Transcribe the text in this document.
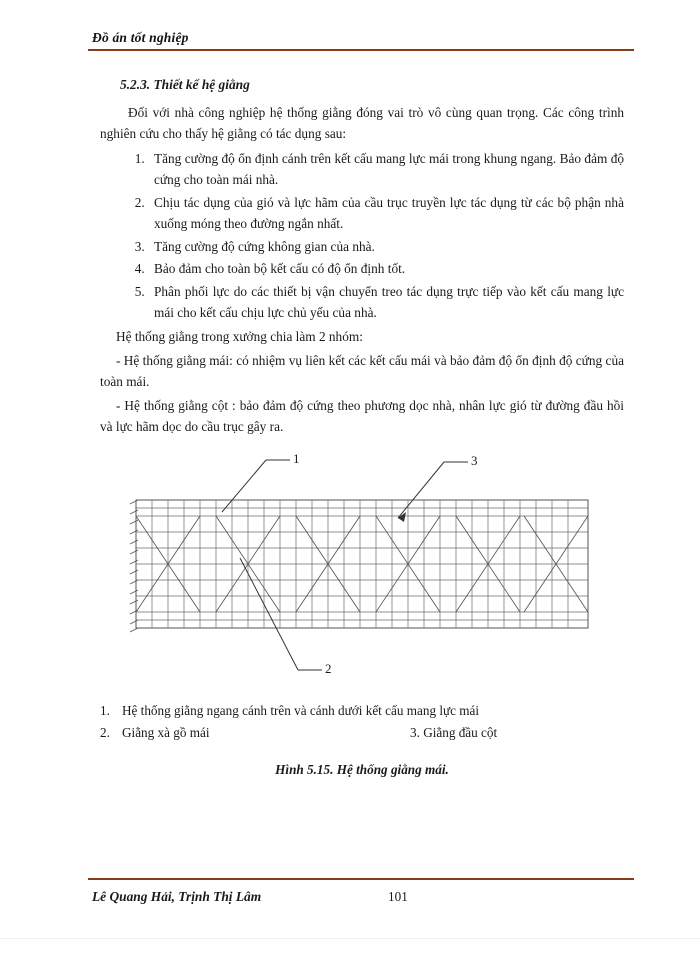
Đồ án tốt nghiệp
5.2.3. Thiết kế hệ giằng

Đối với nhà công nghiệp hệ thống giằng đóng vai trò vô cùng quan trọng. Các công trình nghiên cứu cho thấy hệ giằng có tác dụng sau:

1. Tăng cường độ ổn định cánh trên kết cấu mang lực mái trong khung ngang. Bảo đảm độ cứng cho toàn mái nhà.
2. Chịu tác dụng của gió và lực hãm của cầu trục truyền lực tác dụng từ các bộ phận nhà xuống móng theo đường ngắn nhất.
3. Tăng cường độ cứng không gian của nhà.
4. Bảo đảm cho toàn bộ kết cấu có độ ổn định tốt.
5. Phân phối lực do các thiết bị vận chuyển treo tác dụng trực tiếp vào kết cấu mang lực mái cho kết cấu chịu lực chủ yếu của nhà.

Hệ thống giằng trong xưởng chia làm 2 nhóm:

- Hệ thống giằng mái: có nhiệm vụ liên kết các kết cấu mái và bảo đảm độ ổn định độ cứng của toàn mái.

- Hệ thống giằng cột : bảo đảm độ cứng theo phương dọc nhà, nhân lực gió từ đường đầu hồi và lực hãm dọc do cầu trục gây ra.

1	3
2
1. Hệ thống giằng ngang cánh trên và cánh dưới kết cấu mang lực mái
2. Giằng xà gồ mái	3. Giằng đầu cột
Hình 5.15. Hệ thống giằng mái.
Lê Quang Hải, Trịnh Thị Lâm	101
